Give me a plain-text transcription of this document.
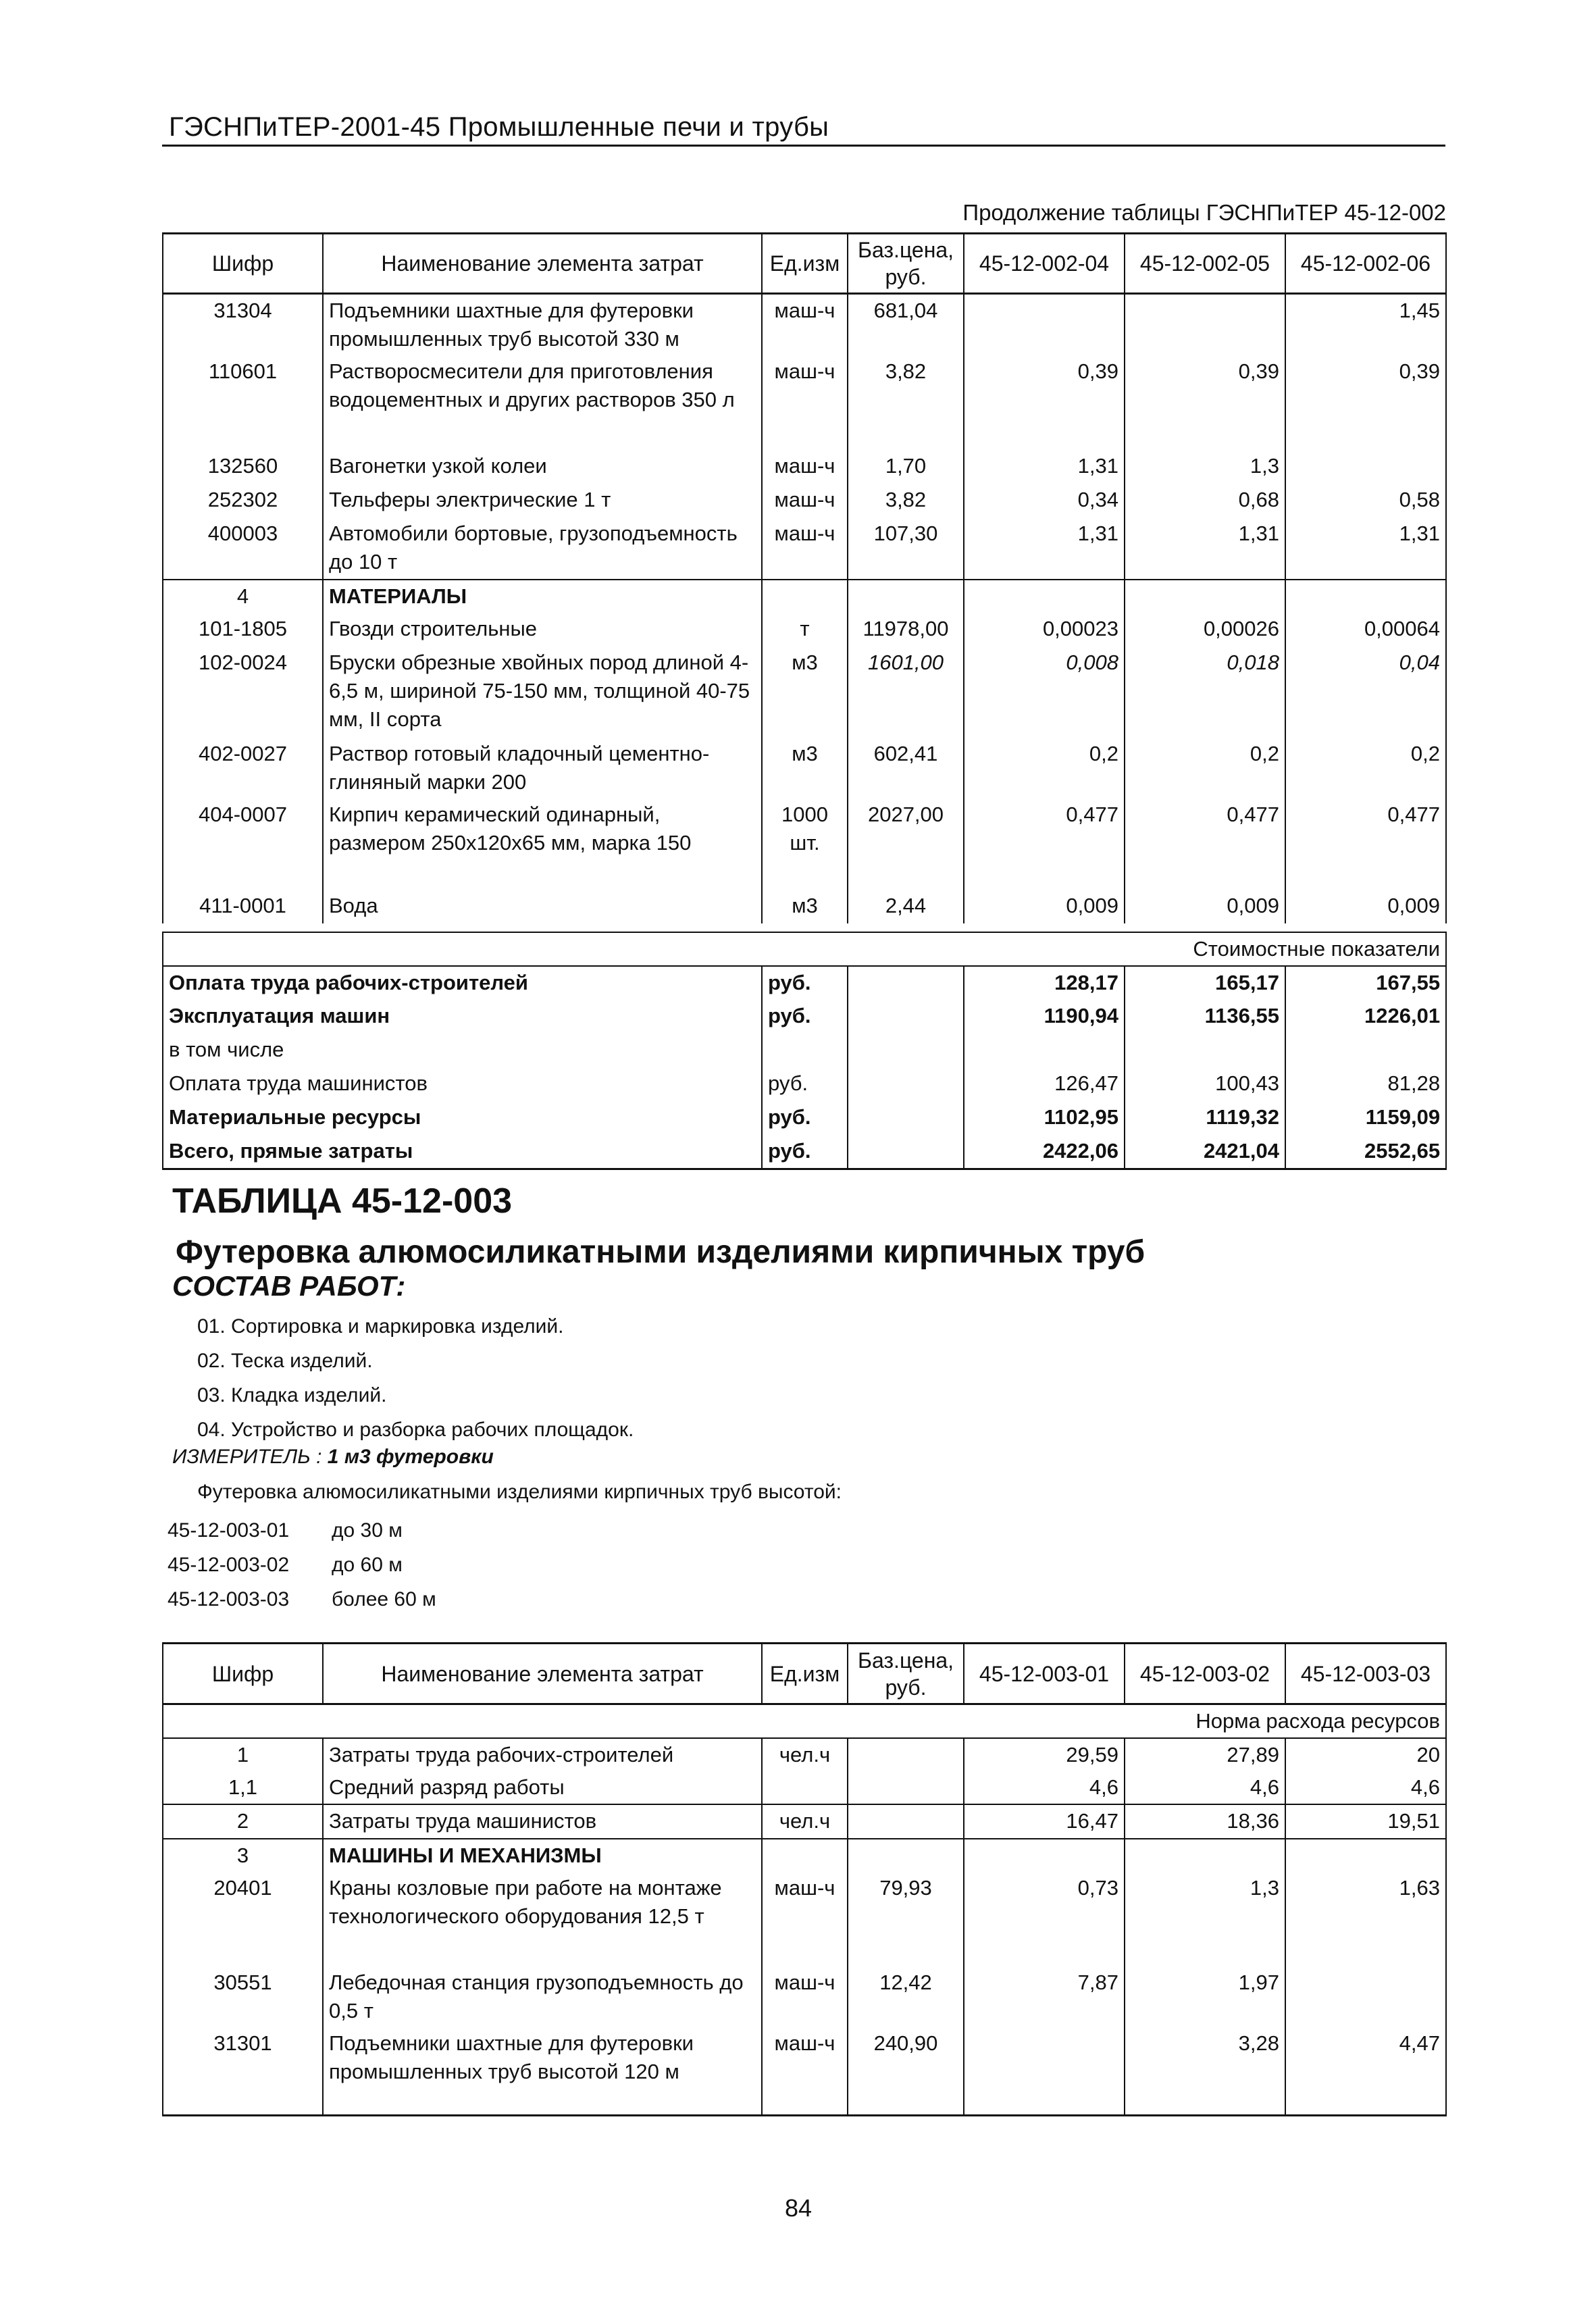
ГЭСНПиТЕР-2001-45 Промышленные печи и трубы
Продолжение таблицы ГЭСНПиТЕР 45-12-002
Шифр	Наименование элемента затрат	Ед.изм	Баз.цена, руб.	45-12-002-04	45-12-002-05	45-12-002-06
31304	Подъемники шахтные для футеровки промышленных труб высотой 330 м	маш-ч	681,04			1,45
110601	Растворосмесители для приготовления водоцементных и других растворов 350 л	маш-ч	3,82	0,39	0,39	0,39
132560	Вагонетки узкой колеи	маш-ч	1,70	1,31	1,3	
252302	Тельферы электрические 1 т	маш-ч	3,82	0,34	0,68	0,58
400003	Автомобили бортовые, грузоподъемность до 10 т	маш-ч	107,30	1,31	1,31	1,31
4	МАТЕРИАЛЫ					
101-1805	Гвозди строительные	т	11978,00	0,00023	0,00026	0,00064
102-0024	Бруски обрезные хвойных пород длиной 4-6,5 м, шириной 75-150 мм, толщиной 40-75 мм, II сорта	м3	1601,00	0,008	0,018	0,04
402-0027	Раствор готовый кладочный цементно-глиняный марки 200	м3	602,41	0,2	0,2	0,2
404-0007	Кирпич керамический одинарный, размером 250х120х65 мм, марка 150	1000 шт.	2027,00	0,477	0,477	0,477
411-0001	Вода	м3	2,44	0,009	0,009	0,009
Стоимостные показатели					
Оплата труда рабочих-строителей	руб.		128,17	165,17	167,55
Эксплуатация машин	руб.		1190,94	1136,55	1226,01
в том числе					
Оплата труда машинистов	руб.		126,47	100,43	81,28
Материальные ресурсы	руб.		1102,95	1119,32	1159,09
Всего, прямые затраты	руб.		2422,06	2421,04	2552,65
ТАБЛИЦА 45-12-003
Футеровка алюмосиликатными изделиями кирпичных труб
СОСТАВ РАБОТ:
01. Сортировка и маркировка изделий.
02. Теска изделий.
03. Кладка изделий.
04. Устройство и разборка рабочих площадок.
ИЗМЕРИТЕЛЬ : 1 м3 футеровки
Футеровка алюмосиликатными изделиями кирпичных труб высотой:
45-12-003-01 до 30 м
45-12-003-02 до 60 м
45-12-003-03 более 60 м
Шифр	Наименование элемента затрат	Ед.изм	Баз.цена, руб.	45-12-003-01	45-12-003-02	45-12-003-03
Норма расхода ресурсов						
1	Затраты труда рабочих-строителей	чел.ч		29,59	27,89	20
1,1	Средний разряд работы			4,6	4,6	4,6
2	Затраты труда машинистов	чел.ч		16,47	18,36	19,51
3	МАШИНЫ И МЕХАНИЗМЫ					
20401	Краны козловые при работе на монтаже технологического оборудования 12,5 т	маш-ч	79,93	0,73	1,3	1,63
30551	Лебедочная станция грузоподъемность до 0,5 т	маш-ч	12,42	7,87	1,97	
31301	Подъемники шахтные для футеровки промышленных труб высотой 120 м	маш-ч	240,90		3,28	4,47
84
